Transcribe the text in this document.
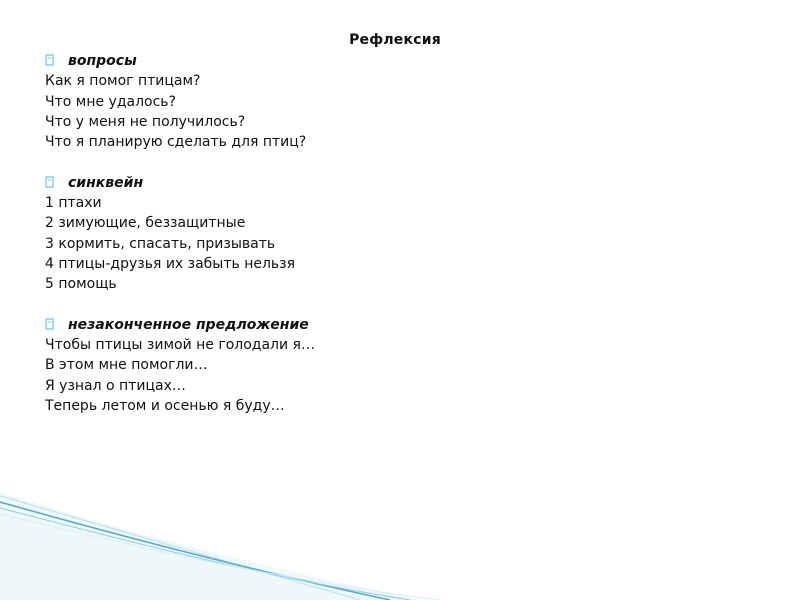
Рефлексия
вопросы
Как я помог птицам?
Что мне удалось?
Что у меня не получилось?
Что я планирую сделать для птиц?
синквейн
1 птахи
2 зимующие, беззащитные
3 кормить, спасать, призывать
4 птицы-друзья их забыть нельзя
5 помощь
незаконченное предложение
Чтобы птицы зимой не голодали я…
В этом мне помогли…
Я узнал о птицах…
Теперь летом и осенью я буду…
